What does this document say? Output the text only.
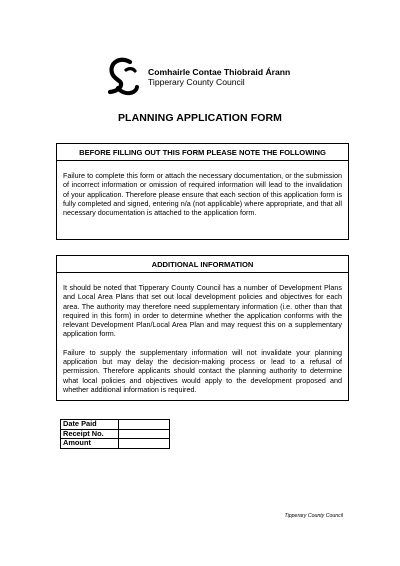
Comhairle Contae Thiobraid Árann
Tipperary County Council
PLANNING APPLICATION FORM
BEFORE FILLING OUT THIS FORM PLEASE NOTE THE FOLLOWING

Failure to complete this form or attach the necessary documentation, or the submission of incorrect information or omission of required information will lead to the invalidation of your application. Therefore please ensure that each section of this application form is fully completed and signed, entering n/a (not applicable) where appropriate, and that all necessary documentation is attached to the application form.

ADDITIONAL INFORMATION

It should be noted that Tipperary County Council has a number of Development Plans and Local Area Plans that set out local development policies and objectives for each area. The authority may therefore need supplementary information (i.e. other than that required in this form) in order to determine whether the application conforms with the relevant Development Plan/Local Area Plan and may request this on a supplementary application form.

Failure to supply the supplementary information will not invalidate your planning application but may delay the decision-making process or lead to a refusal of permission. Therefore applicants should contact the planning authority to determine what local policies and objectives would apply to the development proposed and whether additional information is required.

Date Paid	
Receipt No.	
Amount	
Tipperary County Council
